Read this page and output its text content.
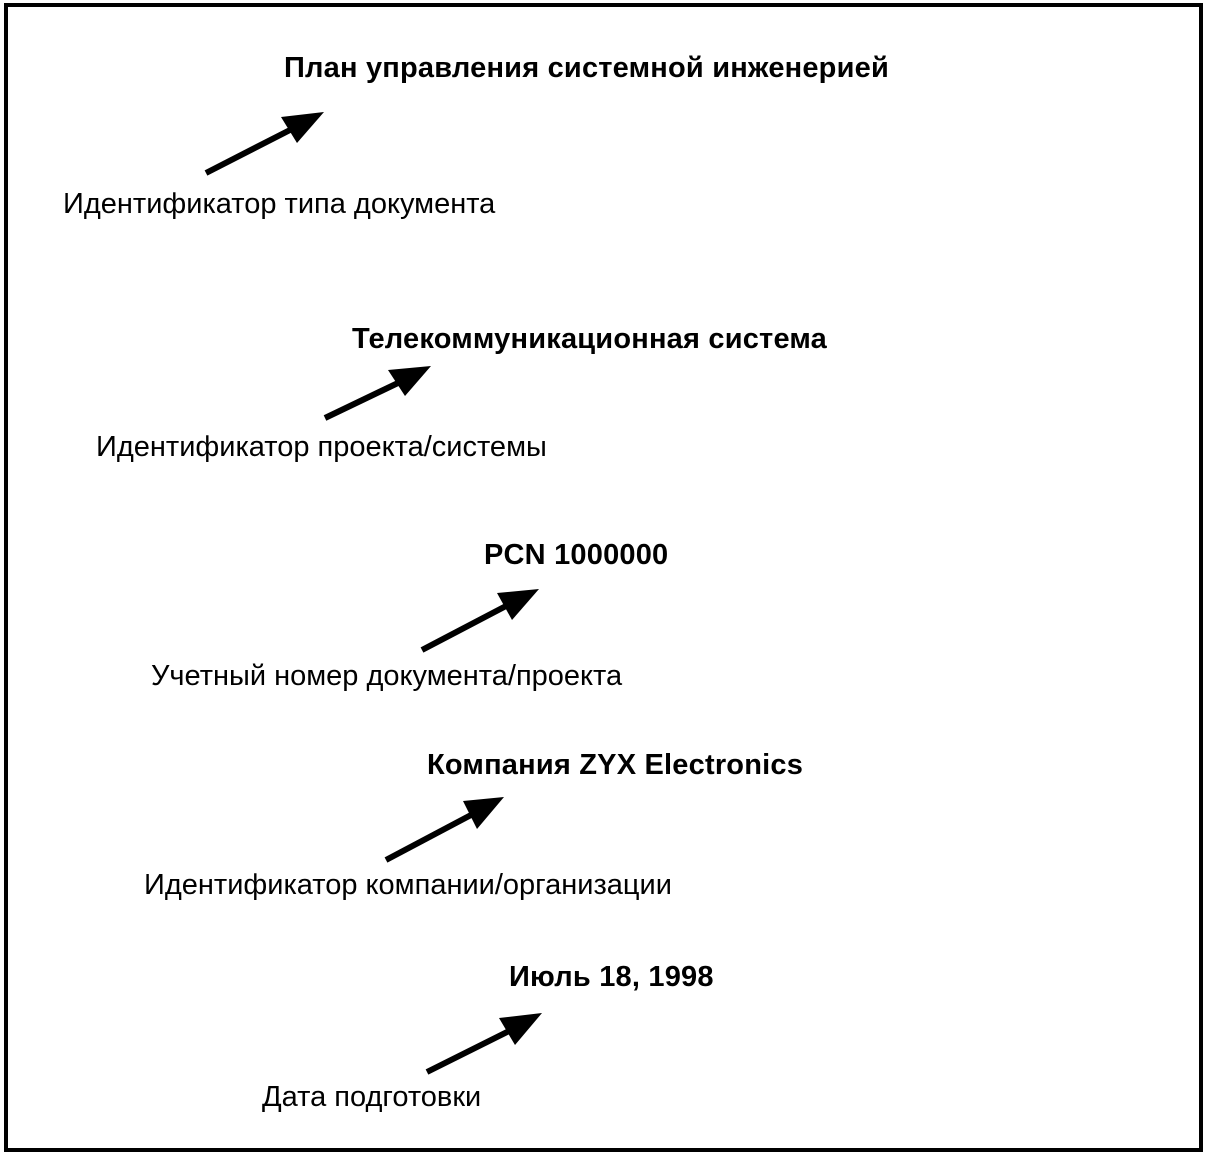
План управления системной инженерией
Идентификатор типа документа
Телекоммуникационная система
Идентификатор проекта/системы
PCN 1000000
Учетный номер документа/проекта
Компания ZYX Electronics
Идентификатор компании/организации
Июль 18, 1998
Дата подготовки
